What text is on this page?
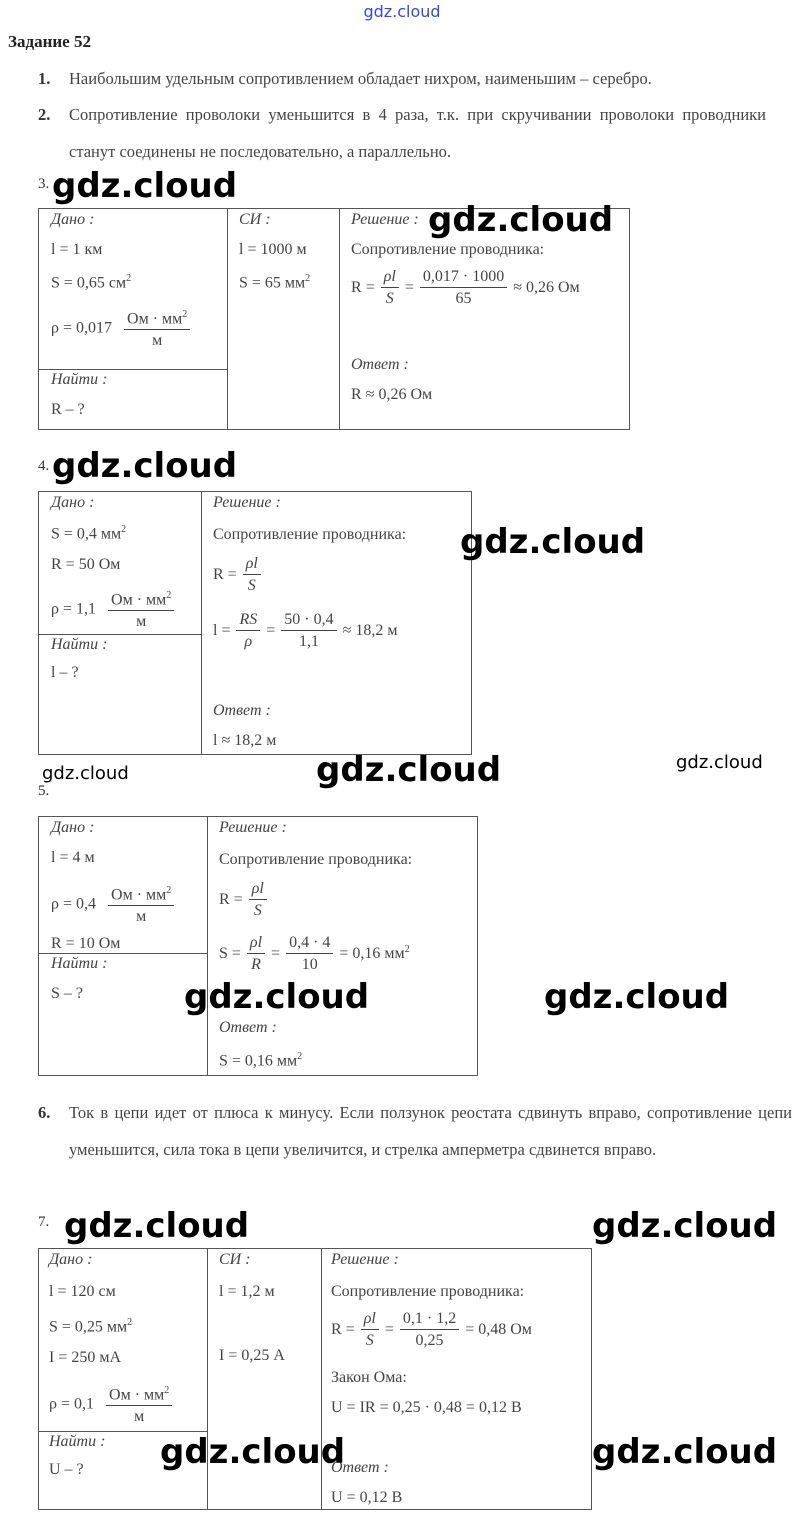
gdz.cloud
Задание 52
1.	Наибольшим удельным сопротивлением обладает нихром, наименьшим – серебро.
2.	Сопротивление проволоки уменьшится в 4 раза, т.к. при скручивании проволоки проводники станут соединены не последовательно, а параллельно.
3. gdz.cloud
Дано :
l = 1 км
S = 0,65 $см^2$
$\rho = 0,017 \frac{Ом \cdot мм^2}{м}$
Найти :
R – ?
СИ :
l = 1000 м
S = 65 $мм^2$
Решение :
Сопротивление проводника:
$R = \frac{\rho l}{S} = \frac{0,017 \cdot 1000}{65} \approx 0,26$ Ом
Ответ :
R ≈ 0,26 Ом
gdz.cloud
4. gdz.cloud
Дано :
S = 0,4 $мм^2$
R = 50 Ом
$\rho = 1,1 \frac{Ом \cdot мм^2}{м}$
Найти :
l – ?
Решение :
Сопротивление проводника:
$R = \frac{\rho l}{S}$
$l = \frac{RS}{\rho} = \frac{50 \cdot 0,4}{1,1} \approx 18,2$ м
Ответ :
l ≈ 18,2 м
gdz.cloud
gdz.cloud	gdz.cloud	gdz.cloud
5.
Дано :
l = 4 м
$\rho = 0,4 \frac{Ом \cdot мм^2}{м}$
R = 10 Ом
Найти :
S – ?
Решение :
Сопротивление проводника:
$R = \frac{\rho l}{S}$
$S = \frac{\rho l}{R} = \frac{0,4 \cdot 4}{10} = 0,16$ $мм^2$
Ответ :
S = 0,16 $мм^2$
gdz.cloud	gdz.cloud
6.	Ток в цепи идет от плюса к минусу. Если ползунок реостата сдвинуть вправо, сопротивление цепи уменьшится, сила тока в цепи увеличится, и стрелка амперметра сдвинется вправо.
7. gdz.cloud	gdz.cloud
Дано :
l = 120 см
S = 0,25 $мм^2$
I = 250 мА
$\rho = 0,1 \frac{Ом \cdot мм^2}{м}$
Найти :
U – ?
СИ :
l = 1,2 м
I = 0,25 А
Решение :
Сопротивление проводника:
$R = \frac{\rho l}{S} = \frac{0,1 \cdot 1,2}{0,25} = 0,48$ Ом
Закон Ома:
U = IR = 0,25 · 0,48 = 0,12 В
Ответ :
U = 0,12 В
gdz.cloud	gdz.cloud
